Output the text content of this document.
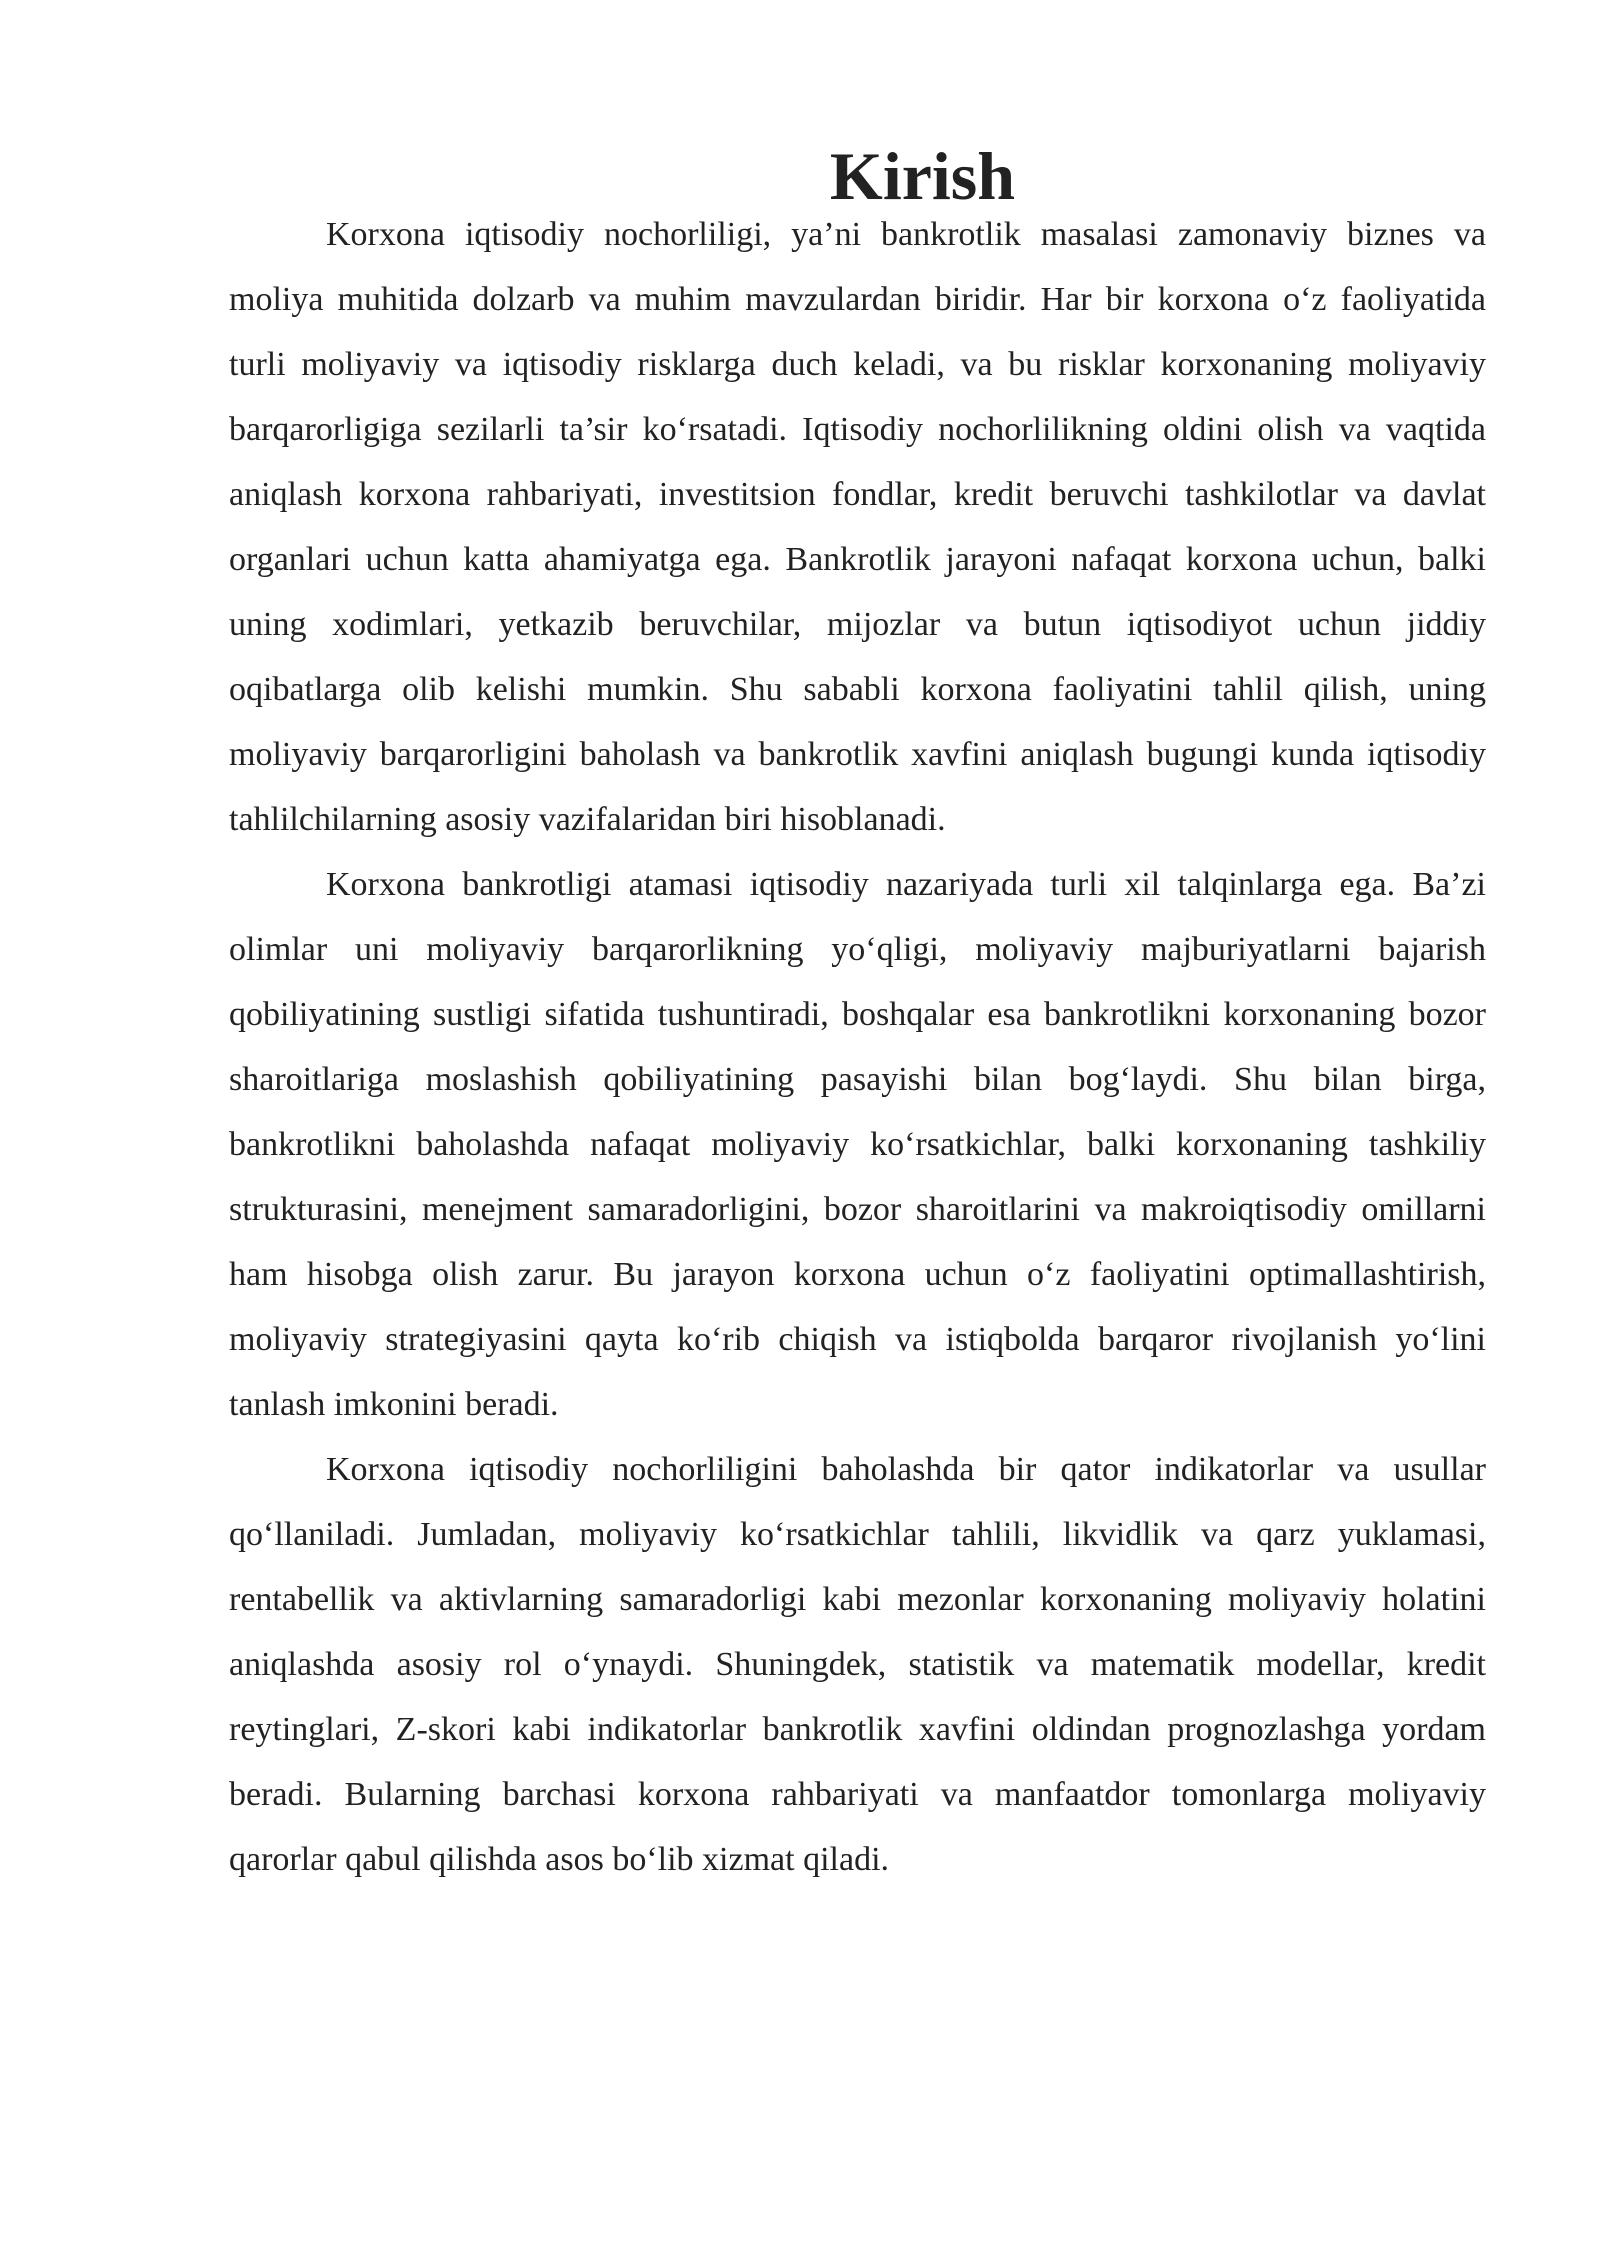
Kirish

Korxona iqtisodiy nochorliligi, ya’ni bankrotlik masalasi zamonaviy biznes va moliya muhitida dolzarb va muhim mavzulardan biridir. Har bir korxona o‘z faoliyatida turli moliyaviy va iqtisodiy risklarga duch keladi, va bu risklar korxonaning moliyaviy barqarorligiga sezilarli ta’sir ko‘rsatadi. Iqtisodiy nochorlilikning oldini olish va vaqtida aniqlash korxona rahbariyati, investitsion fondlar, kredit beruvchi tashkilotlar va davlat organlari uchun katta ahamiyatga ega. Bankrotlik jarayoni nafaqat korxona uchun, balki uning xodimlari, yetkazib beruvchilar, mijozlar va butun iqtisodiyot uchun jiddiy oqibatlarga olib kelishi mumkin. Shu sababli korxona faoliyatini tahlil qilish, uning moliyaviy barqarorligini baholash va bankrotlik xavfini aniqlash bugungi kunda iqtisodiy tahlilchilarning asosiy vazifalaridan biri hisoblanadi.

Korxona bankrotligi atamasi iqtisodiy nazariyada turli xil talqinlarga ega. Ba’zi olimlar uni moliyaviy barqarorlikning yo‘qligi, moliyaviy majburiyatlarni bajarish qobiliyatining sustligi sifatida tushuntiradi, boshqalar esa bankrotlikni korxonaning bozor sharoitlariga moslashish qobiliyatining pasayishi bilan bog‘laydi. Shu bilan birga, bankrotlikni baholashda nafaqat moliyaviy ko‘rsatkichlar, balki korxonaning tashkiliy strukturasini, menejment samaradorligini, bozor sharoitlarini va makroiqtisodiy omillarni ham hisobga olish zarur. Bu jarayon korxona uchun o‘z faoliyatini optimallashtirish, moliyaviy strategiyasini qayta ko‘rib chiqish va istiqbolda barqaror rivojlanish yo‘lini tanlash imkonini beradi.

Korxona iqtisodiy nochorliligini baholashda bir qator indikatorlar va usullar qo‘llaniladi. Jumladan, moliyaviy ko‘rsatkichlar tahlili, likvidlik va qarz yuklamasi, rentabellik va aktivlarning samaradorligi kabi mezonlar korxonaning moliyaviy holatini aniqlashda asosiy rol o‘ynaydi. Shuningdek, statistik va matematik modellar, kredit reytinglari, Z-skori kabi indikatorlar bankrotlik xavfini oldindan prognozlashga yordam beradi. Bularning barchasi korxona rahbariyati va manfaatdor tomonlarga moliyaviy qarorlar qabul qilishda asos bo‘lib xizmat qiladi.
